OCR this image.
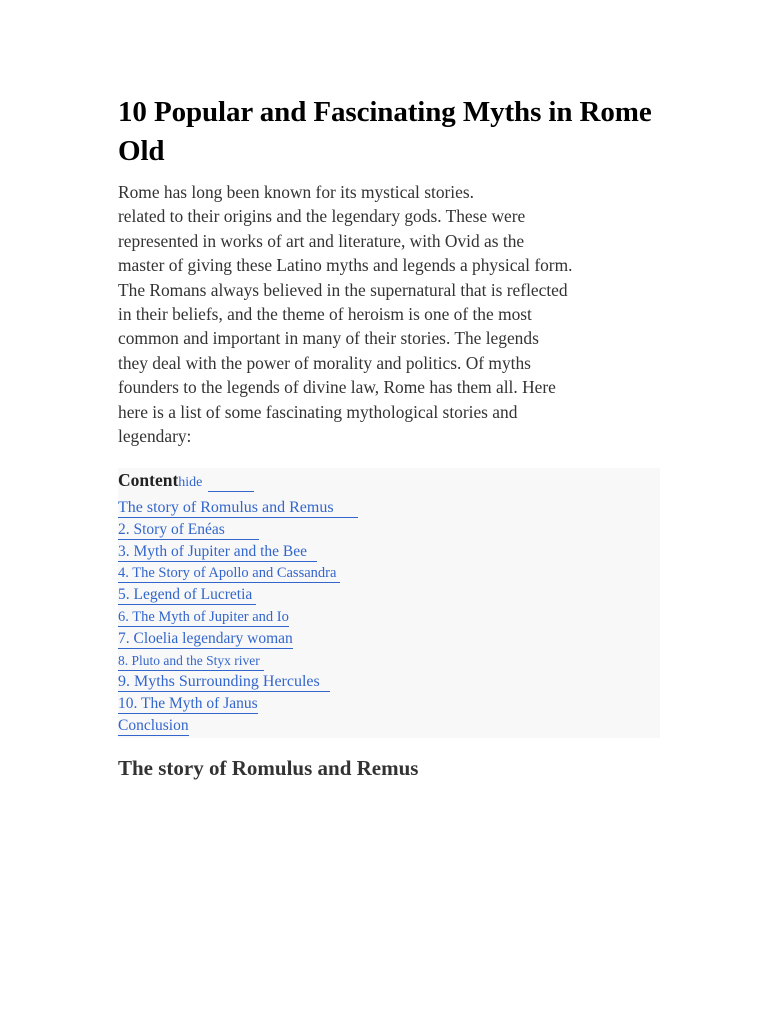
10 Popular and Fascinating Myths in Rome Old
Rome has long been known for its mystical stories.
related to their origins and the legendary gods. These were
represented in works of art and literature, with Ovid as the
master of giving these Latino myths and legends a physical form.
The Romans always believed in the supernatural that is reflected
in their beliefs, and the theme of heroism is one of the most
common and important in many of their stories. The legends
they deal with the power of morality and politics. Of myths
founders to the legends of divine law, Rome has them all. Here
here is a list of some fascinating mythological stories and
legendary:
Contenthide
The story of Romulus and Remus
2. Story of Enéas
3. Myth of Jupiter and the Bee
4. The Story of Apollo and Cassandra
5. Legend of Lucretia
6. The Myth of Jupiter and Io
7. Cloelia legendary woman
8. Pluto and the Styx river
9. Myths Surrounding Hercules
10. The Myth of Janus
Conclusion
The story of Romulus and Remus
